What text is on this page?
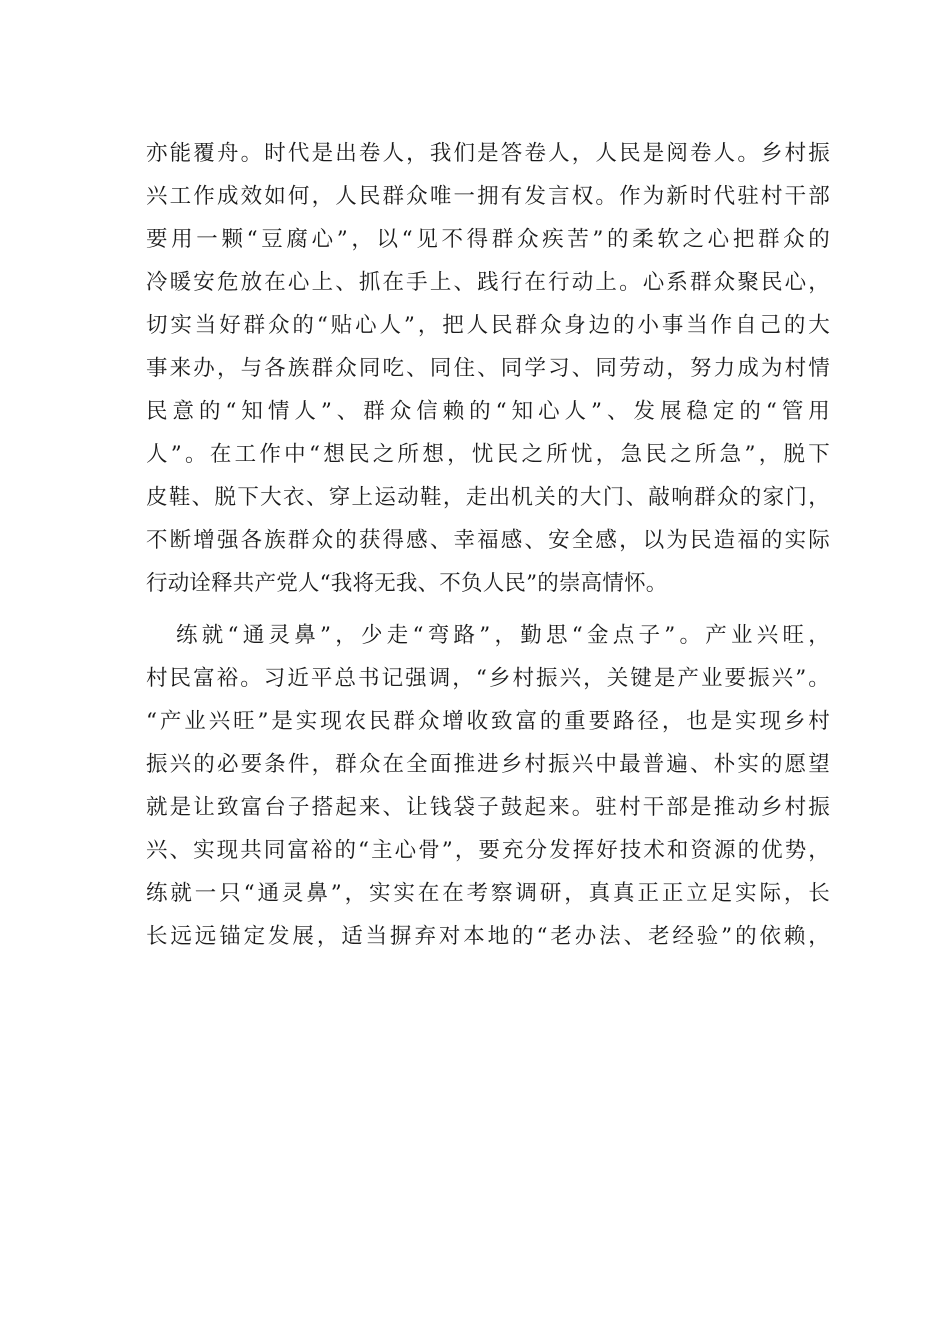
亦能覆舟。时代是出卷人，我们是答卷人，人民是阅卷人。乡村振
兴工作成效如何，人民群众唯一拥有发言权。作为新时代驻村干部
要用一颗“豆腐心”，以“见不得群众疾苦”的柔软之心把群众的
冷暖安危放在心上、抓在手上、践行在行动上。心系群众聚民心，
切实当好群众的“贴心人”，把人民群众身边的小事当作自己的大
事来办，与各族群众同吃、同住、同学习、同劳动，努力成为村情
民意的“知情人”、群众信赖的“知心人”、发展稳定的“管用
人”。在工作中“想民之所想，忧民之所忧，急民之所急”，脱下
皮鞋、脱下大衣、穿上运动鞋，走出机关的大门、敲响群众的家门，
不断增强各族群众的获得感、幸福感、安全感，以为民造福的实际
行动诠释共产党人“我将无我、不负人民”的崇高情怀。
练就“通灵鼻”，少走“弯路”，勤思“金点子”。产业兴旺，
村民富裕。习近平总书记强调，“乡村振兴，关键是产业要振兴”。
“产业兴旺”是实现农民群众增收致富的重要路径，也是实现乡村
振兴的必要条件，群众在全面推进乡村振兴中最普遍、朴实的愿望
就是让致富台子搭起来、让钱袋子鼓起来。驻村干部是推动乡村振
兴、实现共同富裕的“主心骨”，要充分发挥好技术和资源的优势，
练就一只“通灵鼻”，实实在在考察调研，真真正正立足实际，长
长远远锚定发展，适当摒弃对本地的“老办法、老经验”的依赖，
